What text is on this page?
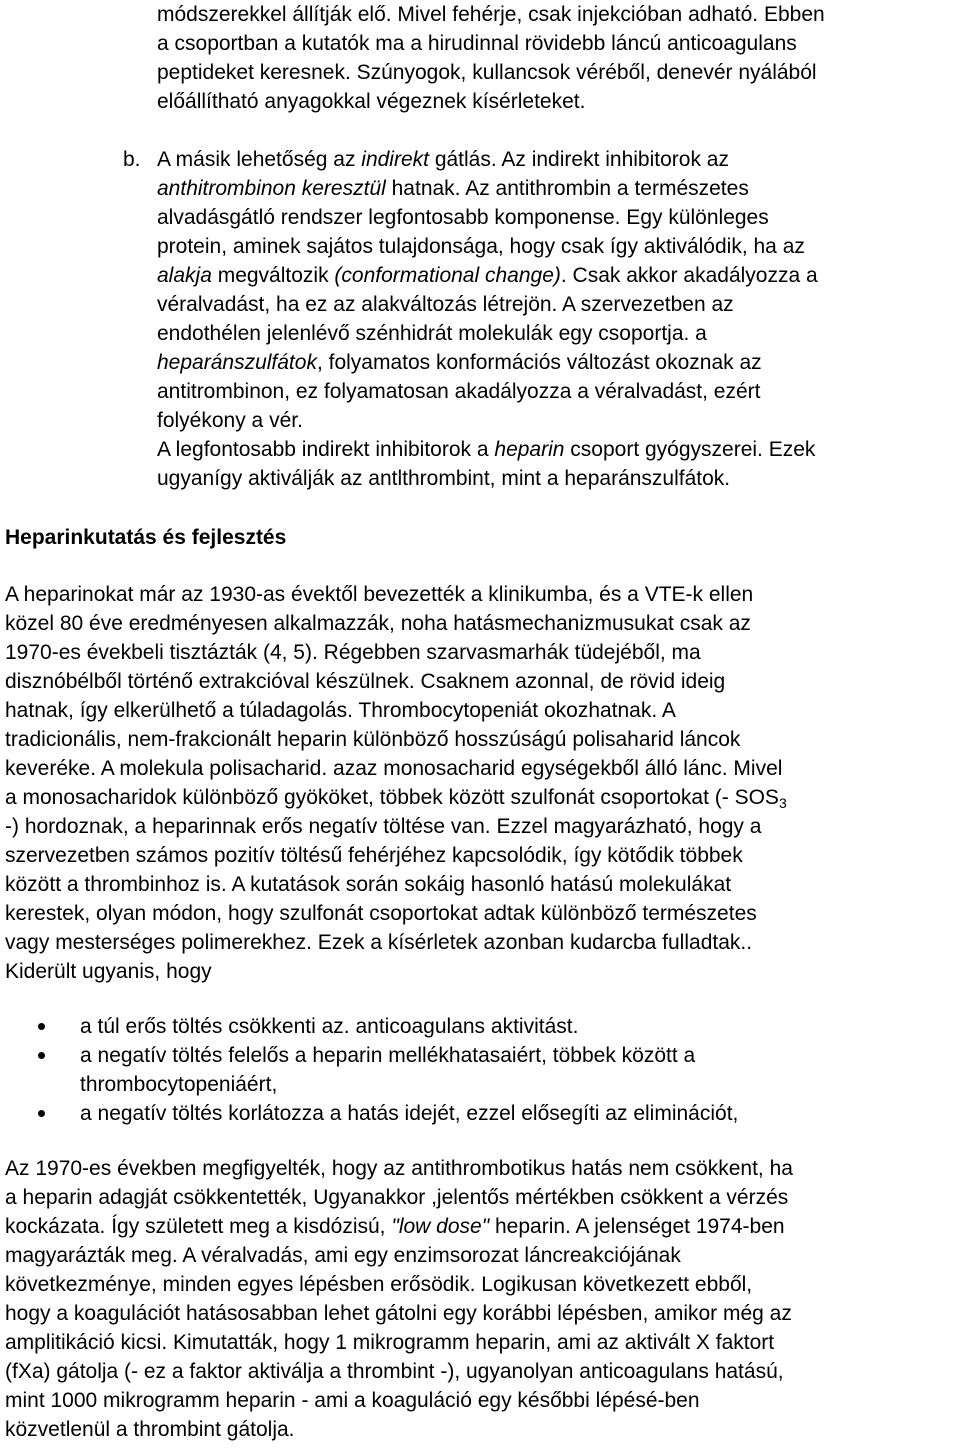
módszerekkel állítják elő. Mivel fehérje, csak injekcióban adható. Ebben
a csoportban a kutatók ma a hirudinnal rövidebb láncú anticoagulans
peptideket keresnek. Szúnyogok, kullancsok véréből, denevér nyálából
előállítható anyagokkal végeznek kísérleteket.

b. A másik lehetőség az indirekt gátlás. Az indirekt inhibitorok az
anthitrombinon keresztül hatnak. Az antithrombin a természetes
alvadásgátló rendszer legfontosabb komponense. Egy különleges
protein, aminek sajátos tulajdonsága, hogy csak így aktiválódik, ha az
alakja megváltozik (conformational change). Csak akkor akadályozza a
véralvadást, ha ez az alakváltozás létrejön. A szervezetben az
endothélen jelenlévő szénhidrát molekulák egy csoportja. a
heparánszulfátok, folyamatos konformációs változást okoznak az
antitrombinon, ez folyamatosan akadályozza a véralvadást, ezért
folyékony a vér.
A legfontosabb indirekt inhibitorok a heparin csoport gyógyszerei. Ezek
ugyanígy aktiválják az antlthrombint, mint a heparánszulfátok.

Heparinkutatás és fejlesztés

A heparinokat már az 1930-as évektől bevezették a klinikumba, és a VTE-k ellen
közel 80 éve eredményesen alkalmazzák, noha hatásmechanizmusukat csak az
1970-es évekbeli tisztázták (4, 5). Régebben szarvasmarhák tüdejéből, ma
disznóbélből történő extrakcióval készülnek. Csaknem azonnal, de rövid ideig
hatnak, így elkerülhető a túladagolás. Thrombocytopeniát okozhatnak. A
tradicionális, nem-frakcionált heparin különböző hosszúságú polisaharid láncok
keveréke. A molekula polisacharid. azaz monosacharid egységekből álló lánc. Mivel
a monosacharidok különböző gyököket, többek között szulfonát csoportokat (- $SOS_3$
-) hordoznak, a heparinnak erős negatív töltése van. Ezzel magyarázható, hogy a
szervezetben számos pozitív töltésű fehérjéhez kapcsolódik, így kötődik többek
között a thrombinhoz is. A kutatások során sokáig hasonló hatású molekulákat
kerestek, olyan módon, hogy szulfonát csoportokat adtak különböző természetes
vagy mesterséges polimerekhez. Ezek a kísérletek azonban kudarcba fulladtak..
Kiderült ugyanis, hogy

a túl erős töltés csökkenti az. anticoagulans aktivitást.
a negatív töltés felelős a heparin mellékhatasaiért, többek között a thrombocytopeniáért,
a negatív töltés korlátozza a hatás idejét, ezzel elősegíti az eliminációt,

Az 1970-es években megfigyelték, hogy az antithrombotikus hatás nem csökkent, ha
a heparin adagját csökkentették, Ugyanakkor ,jelentős mértékben csökkent a vérzés
kockázata. Így született meg a kisdózisú, "low dose" heparin. A jelenséget 1974-ben
magyarázták meg. A véralvadás, ami egy enzimsorozat láncreakciójának
következménye, minden egyes lépésben erősödik. Logikusan következett ebből,
hogy a koagulációt hatásosabban lehet gátolni egy korábbi lépésben, amikor még az
amplitikáció kicsi. Kimutatták, hogy 1 mikrogramm heparin, ami az aktivált X faktort
(fXa) gátolja (- ez a faktor aktiválja a thrombint -), ugyanolyan anticoagulans hatású,
mint 1000 mikrogramm heparin - ami a koaguláció egy későbbi lépésé-ben
közvetlenül a thrombint gátolja.
